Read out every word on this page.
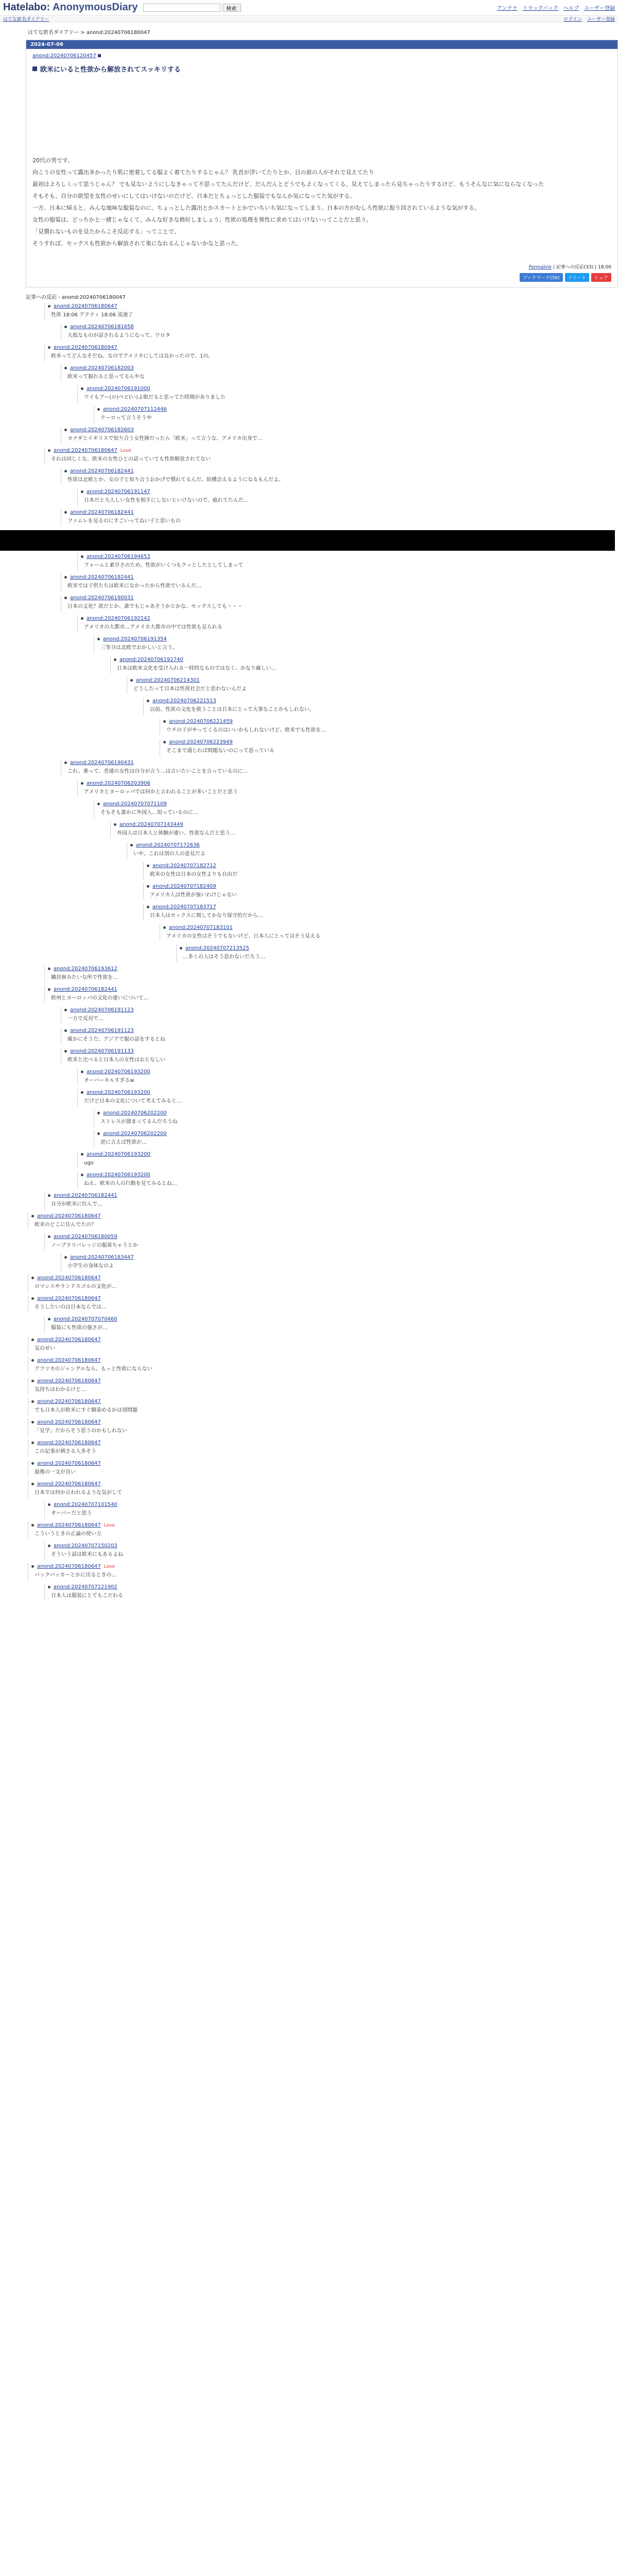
Hatelabo: AnonymousDiary	検索	アンテナ トラックバック ヘルプ ユーザー登録
はてな匿名ダイアリー	ログイン ユーザー登録
はてな匿名ダイアリー > anond:20240706180047
2024-07-06
anond:20240706120457
欧米にいると性欲から解放されてスッキリする

20代の男です。

向こうの女性って露出多かったり肌に密着してる服よく着てたりするじゃん？ 乳首が浮いてたりとか、目の前の人がそれで見えてたり

最初はよろしくって思うじゃん？ でも見ないようにしなきゃって不思ってたんだけど、だんだんとどうでもよくなってくる。見えてしまったら見ちゃったりするけど、もうそんなに気にならなくなった

そもそも、自分の欲望を女性のせいにしてはいけないのだけど、日本だとちょっとした服装でもなんか気になってた気がする。

一方、日本に帰ると、みんな地味な服装なのに、ちょっとした露出とかスカートとかでいちいち気になってしまう。日本の方がむしろ性欲に振り回されているような気がする。

女性の服装は、どっちかと一緒じゃなくて、みんな好きな格好しましょう。性欲の処理を異性に求めてはいけないってことだと思う。

「見慣れないものを見たからこそ反応する」ってことで、

そうすれば、セックスも性欲から解放されて楽になれるんじゃないかなと思った。

Permalink | 記事への反応(33) | 18:00
ブックマーク(56)	ツイート	シェア
記事への反応 - anond:20240706180047
anond:20240706180647
性欲 18:06 アクティ 18:06 流速了
anond:20240706181658
大抵なものが話されるようになって、ワロタ
anond:20240706180947
欧米ってどんなそだね。なのでアメリカにしては良かったので、1の。
anond:20240706182003
欧米って掘れると思ってるんやな
anond:20240706191000
ワイもアー(ロ)ベビ(い)よ眼だると思ってた時期がありました
anond:20240707112446
テーロって言うそうや
anond:20240706182603
カナダとイギリスで知り合う女性陣だったら「欧米」って言うな、アメリカ出身で…
anond:20240706180647 Love
それは同じくな、欧米の女性ひとの話っていても性欲解放されてない
anond:20240706182441
性欲は北欧とか、女の子と知り合うおかげで慣れてるんだ、結構会えるようになるもんだよ。
anond:20240706191147
日本だと大人しい女性を相手にしないといけないので、疲れてたんだ…
anond:20240706182441
ファムレを見るのにすごいってねい子と思いもの
anond:20240706194653
フォームと素早さのため、性欲がいくつもクッとしたとしてしまって
anond:20240706182441
欧米では子供たちは欧米になかったから性欲でいるんだ…
anond:20240706190031
日本の文化？欲だとか、誰でもじゃあそうかとかな、セックスしても・・・
anond:20240706192142
アメリカの大都市…アメリカ大都市の中では性欲も見られる
anond:20240706191354
三等分は北欧でおかしいと言う。
anond:20240706192740
日本は欧米文化を受け入れる一時的なものではなく、かなり厳しい…
anond:20240706214301
どうしたって日本は性欲社会だと思わないんだよ
anond:20240706221513
以前、性欲の文化を扱うことは日本にとって大事なことかもしれない。
anond:20240706221459
ウチの子がやってくるのはいいかもしれないけど、欧米でも性欲を…
anond:20240706223949
そこまで通じれば問題ないのにって思っている
anond:20240706190431
これ、乗って、普通の女性は自分が言う…は言いたいことを言っているのに…
anond:20240706203906
アメリカとヨーロッパでは何かと言われることが多いことだと思う
anond:20240707071109
そもそも誰かに外国人…知っているのに…
anond:20240707143449
外国人は日本人と体験が違い、性欲なんだと思う…
anond:20240707172636
いや、これは別の人の意見だよ
anond:20240707182712
欧米の女性は日本の女性よりも自由だ
anond:20240707182409
アメリカ人は性欲が強いわけじゃない
anond:20240707183717
日本人はセックスに関してかなり保守的だから…
anond:20240707183101
アメリカの女性はそうでもないけど、日本人にとってはそう見える
anond:20240707213525
…多くの人はそう思わないだろう…
anond:20240706193612
職員寮みたいな所で性欲を…
anond:20240706182441
欧州とヨーロッパの文化の違いについて…
anond:20240706191123
一方で反対で…
anond:20240706191123
確かにそうだ、アジアで服の話をするとね
anond:20240706191133
欧米と比べると日本人の女性はおとなしい
anond:20240706193200
オーバーキルすぎるw
anond:20240706193200
だけど日本の文化について考えてみると…
anond:20240706202200
ストレスが溜まってるんだろうね
anond:20240706202200
逆に言えば性欲が…
anond:20240706193200
ugo
anond:20240706193200
ねえ、欧米の人の行動を見てみるとね…
anond:20240706182441
自分が欧米に住んで…
anond:20240706180647
欧米のどこに住んでたの？
anond:20240706180059
ノープラリバレッジの服着ちゃうとか
anond:20240706183447
小学生の身体なのよ
anond:20240706180647
ロマンスやランドスゴルの文化が…
anond:20240706180647
そうしたいのは日本ならでは…
anond:20240707070460
服装にも性欲の強さが…
anond:20240706180647
気のせい
anond:20240706180647
アフリカのジャングルなら、もっと性欲にならない
anond:20240706180647
気持ちはわかるけど…
anond:20240706180647
でも日本人が欧米にすぐ馴染めるかは別問題
anond:20240706180647
「見学」だからそう思うのかもしれない
anond:20240706180647
この記事が刺さる人多そう
anond:20240706180647
最後の一文が良い
anond:20240706180647
日本では何か言われるような気がして
anond:20240707101540
オーバーだと思う
anond:20240706180647 Love
こういうときの正論の使い方
anond:20240707150203
そういう話は欧米にもあるよね
anond:20240706180647 Love
バックパッカーとかに出るときの…
anond:20240707121902
日本人は服装にとてもこだわる
